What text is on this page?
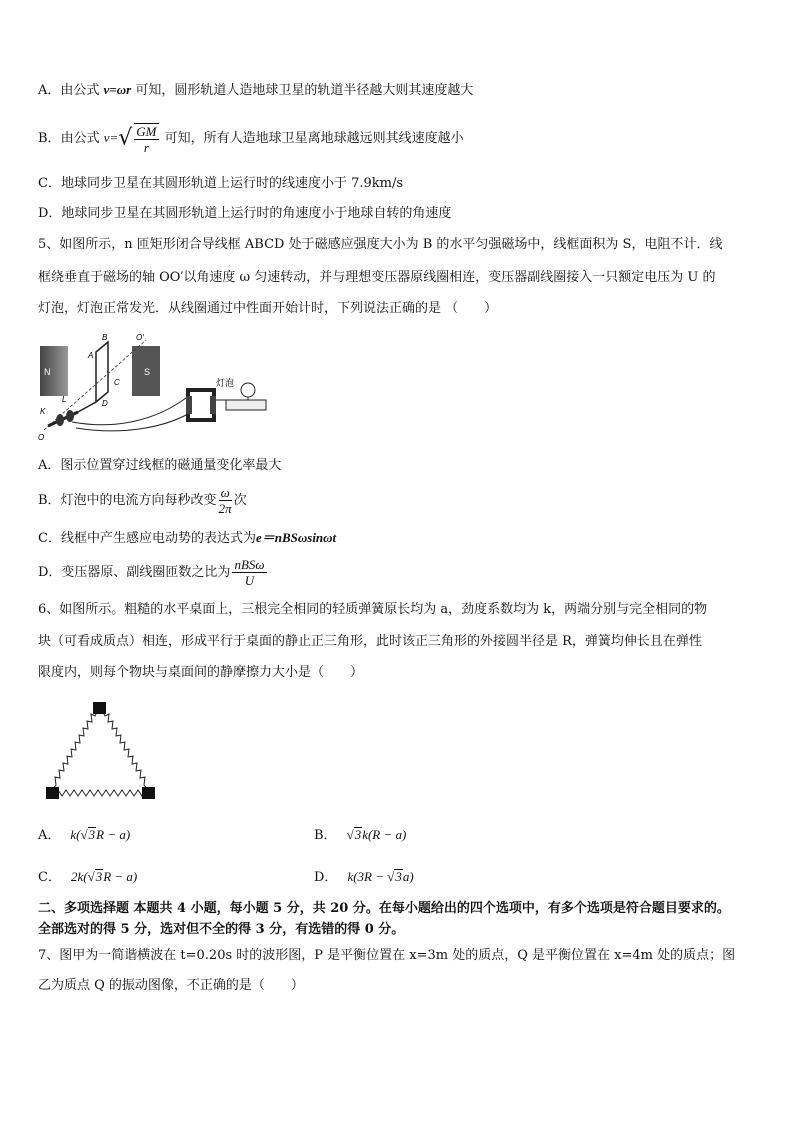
A．由公式 v=ωr 可知，圆形轨道人造地球卫星的轨道半径越大则其速度越大
B．由公式 $v=√ \frac{GM}{r}$ 可知，所有人造地球卫星离地球越远则其线速度越小
C．地球同步卫星在其圆形轨道上运行时的线速度小于 7.9km/s
D．地球同步卫星在其圆形轨道上运行时的角速度小于地球自转的角速度
5、如图所示，n 匝矩形闭合导线框 ABCD 处于磁感应强度大小为 B 的水平匀强磁场中，线框面积为 S，电阻不计．线
框绕垂直于磁场的轴 OO′以角速度 ω 匀速转动，并与理想变压器原线圈相连，变压器副线圈接入一只额定电压为 U 的
灯泡，灯泡正常发光．从线圈通过中性面开始计时，下列说法正确的是 （　　）
N	S
B
A
C
D
L
K
O
O′
灯泡
A．图示位置穿过线框的磁通量变化率最大
B．灯泡中的电流方向每秒改变 $\frac{\omega}{2\pi}$ 次
C．线框中产生感应电动势的表达式为e＝nBSωsinωt
D．变压器原、副线圈匝数之比为 $\frac{\text{nBSω}}{U}$
6、如图所示。粗糙的水平桌面上，三根完全相同的轻质弹簧原长均为 a，劲度系数均为 k，两端分别与完全相同的物
块（可看成质点）相连，形成平行于桌面的静止正三角形，此时该正三角形的外接圆半径是 R，弹簧均伸长且在弹性
限度内，则每个物块与桌面间的静摩擦力大小是（　　）
A． k(√3R − a)	B． √3k(R − a)
C． 2k(√3R − a)	D． k(3R − √3a)
二、多项选择题 本题共 4 小题，每小题 5 分，共 20 分。在每小题给出的四个选项中，有多个选项是符合题目要求的。
全部选对的得 5 分，选对但不全的得 3 分，有选错的得 0 分。
7、图甲为一简谐横波在 t=0.20s 时的波形图，P 是平衡位置在 x=3m 处的质点，Q 是平衡位置在 x=4m 处的质点；图
乙为质点 Q 的振动图像，不正确的是（　　）
